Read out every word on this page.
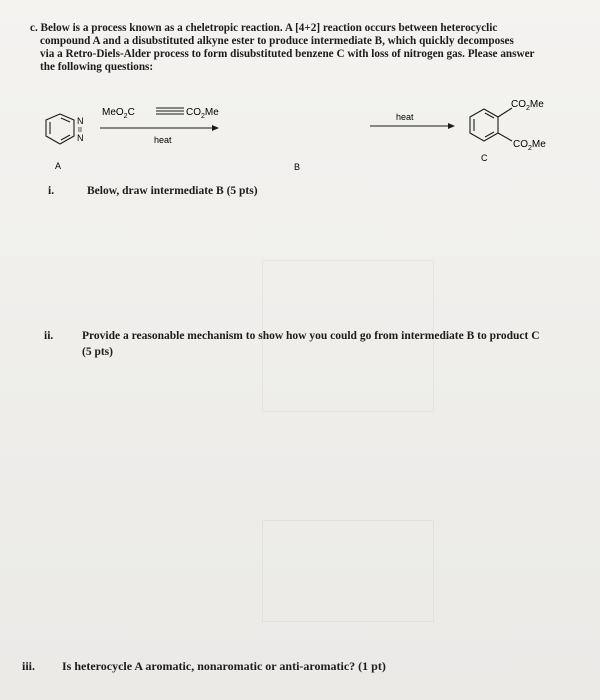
c. Below is a process known as a cheletropic reaction. A [4+2] reaction occurs between heterocyclic

compound A and a disubstituted alkyne ester to produce intermediate B, which quickly decomposes

via a Retro-Diels-Alder process to form disubstituted benzene C with loss of nitrogen gas. Please answer

the following questions:

N
II
N
A
MeO$_2$C	$CO_2Me$
heat
B
heat
$CO_2Me$
$CO_2Me$
C
i.	Below, draw intermediate B (5 pts)
ii. Provide a reasonable mechanism to show how you could go from intermediate B to product C
(5 pts)
iii. Is heterocycle A aromatic, nonaromatic or anti-aromatic? (1 pt)
